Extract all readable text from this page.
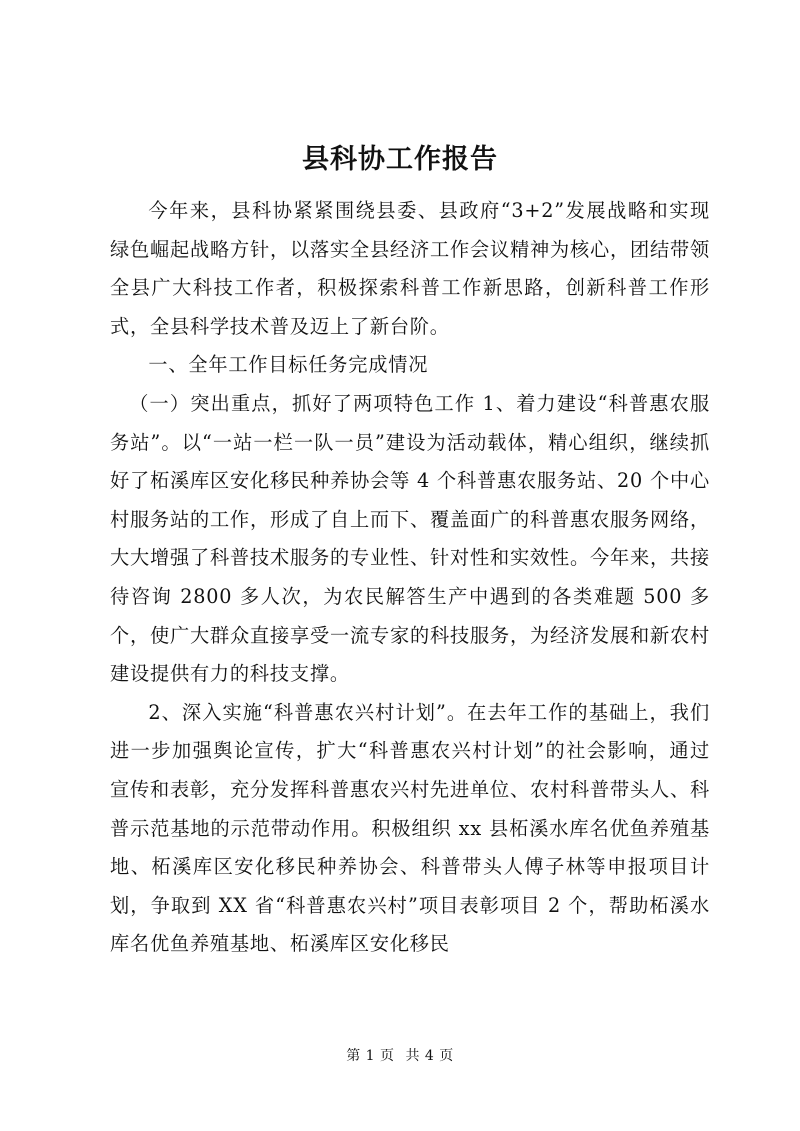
县科协工作报告

今年来，县科协紧紧围绕县委、县政府“3+2”发展战略和实现绿色崛起战略方针，以落实全县经济工作会议精神为核心，团结带领全县广大科技工作者，积极探索科普工作新思路，创新科普工作形式，全县科学技术普及迈上了新台阶。

一、全年工作目标任务完成情况

（一）突出重点，抓好了两项特色工作 1、着力建设“科普惠农服务站”。以“一站一栏一队一员”建设为活动载体，精心组织，继续抓好了柘溪库区安化移民种养协会等 4 个科普惠农服务站、20 个中心村服务站的工作，形成了自上而下、覆盖面广的科普惠农服务网络，大大增强了科普技术服务的专业性、针对性和实效性。今年来，共接待咨询 2800 多人次，为农民解答生产中遇到的各类难题 500 多个，使广大群众直接享受一流专家的科技服务，为经济发展和新农村建设提供有力的科技支撑。

2、深入实施“科普惠农兴村计划”。在去年工作的基础上，我们进一步加强舆论宣传，扩大“科普惠农兴村计划”的社会影响，通过宣传和表彰，充分发挥科普惠农兴村先进单位、农村科普带头人、科普示范基地的示范带动作用。积极组织 xx 县柘溪水库名优鱼养殖基地、柘溪库区安化移民种养协会、科普带头人傅子林等申报项目计划，争取到 XX 省“科普惠农兴村”项目表彰项目 2 个，帮助柘溪水库名优鱼养殖基地、柘溪库区安化移民

第 1 页 共 4 页
